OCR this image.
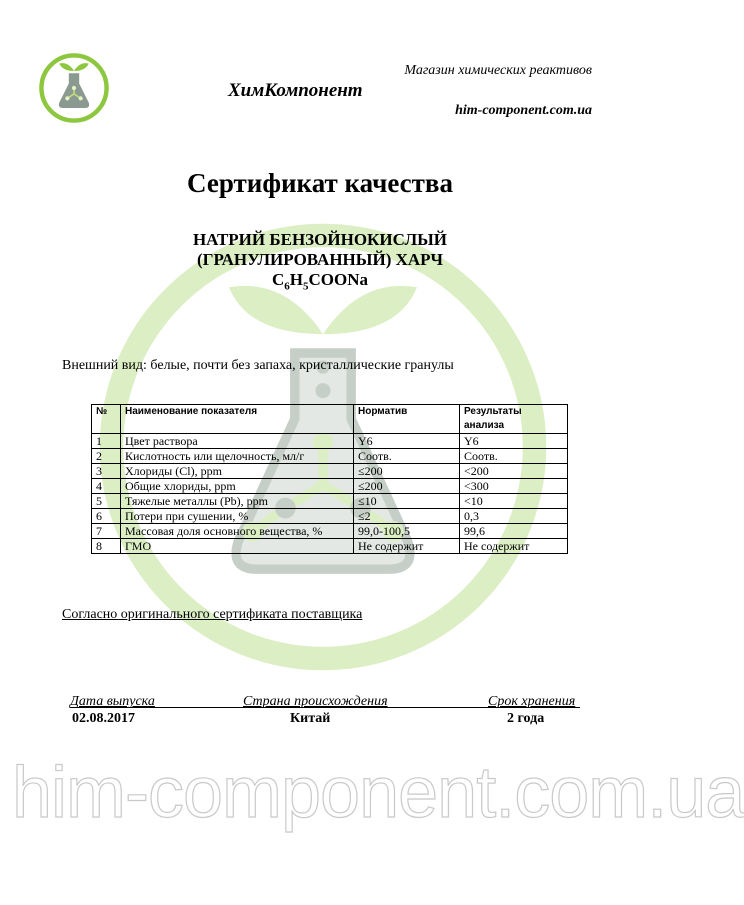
him-component.com.ua
Магазин химических реактивов
ХимКомпонент
him-component.com.ua
Сертификат качества
НАТРИЙ БЕНЗОЙНОКИСЛЫЙ
(ГРАНУЛИРОВАННЫЙ) ХАРЧ
$C_6H_5COONa$
Внешний вид: белые, почти без запаха, кристаллические гранулы
№	Наименование показателя	Норматив	Результаты анализа
1	Цвет раствора	Y6	Y6
2	Кислотность или щелочность, мл/г	Соотв.	Соотв.
3	Хлориды (Cl), ppm	≤200	˂200
4	Общие хлориды, ppm	≤200	˂300
5	Тяжелые металлы (Pb), ppm	≤10	˂10
6	Потери при сушении, %	≤2	0,3
7	Массовая доля основного вещества, %	99,0-100,5	99,6
8	ГМО	Не содержит	Не содержит
Согласно оригинального сертификата поставщика
Дата выпуска	Страна происхождения	Срок хранения
02.08.2017	Китай	2 года
